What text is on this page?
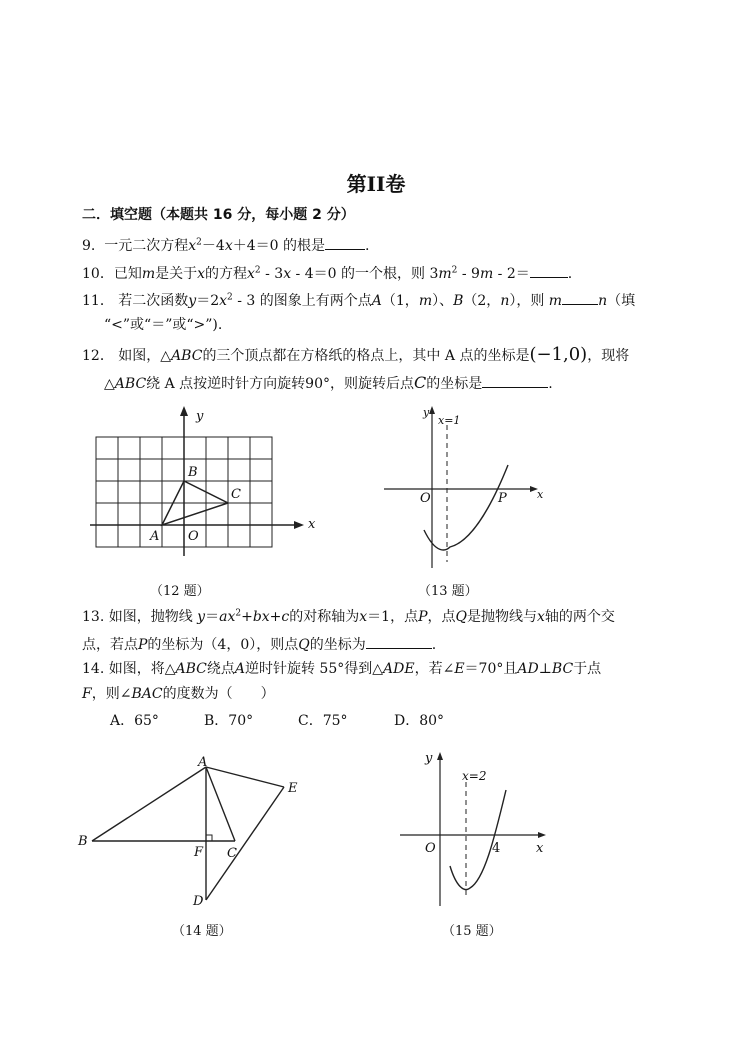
第II卷
二．填空题（本题共 16 分，每小题 2 分）
9. 一元二次方程$x^2-4x+4=0$ 的根是	.
10．已知m是关于x的方程$x^2 - 3x - 4=0$ 的一个根，则 $3m^2 - 9m - 2=$	.
11． 若二次函数$y=2x^2 - 3$ 的图象上有两个点A（1，m）、B（2，n），则 m	n（填
“<”或“＝”或“>”).
12． 如图，△ABC的三个顶点都在方格纸的格点上，其中 A 点的坐标是(−1,0)，现将
△ABC绕 A 点按逆时针方向旋转90°，则旋转后点C的坐标是	.
y
x
A
B
C
O
（12 题）
y
x=1
O	P	x
（13 题）
13. 如图，抛物线 $y=ax^2+bx+c$的对称轴为x＝1，点P，点Q是抛物线与x轴的两个交
点，若点P的坐标为（4，0），则点Q的坐标为	.
14. 如图，将△ABC绕点A逆时针旋转 55°得到△ADE，若∠E＝70°且AD⊥BC于点
F，则∠BAC的度数为（　　）
A．65°	B．70°	C．75°	D．80°
A
B
C
D
E
F
（14 题）
y
x=2
O	4	x
（15 题）
